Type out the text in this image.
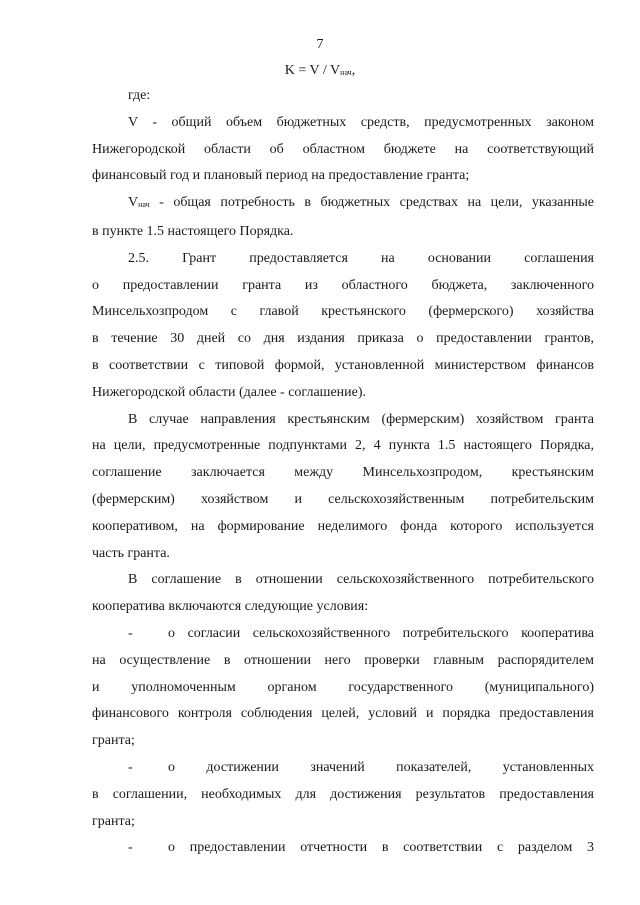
7
K = V / Vнач,
где:
V - общий объем бюджетных средств, предусмотренных законом
Нижегородской области об областном бюджете на соответствующий
финансовый год и плановый период на предоставление гранта;
Vнач - общая потребность в бюджетных средствах на цели, указанные
в пункте 1.5 настоящего Порядка.
2.5. Грант предоставляется на основании соглашения
о предоставлении гранта из областного бюджета, заключенного
Минсельхозпродом с главой крестьянского (фермерского) хозяйства
в течение 30 дней со дня издания приказа о предоставлении грантов,
в соответствии с типовой формой, установленной министерством финансов
Нижегородской области (далее - соглашение).
В случае направления крестьянским (фермерским) хозяйством гранта
на цели, предусмотренные подпунктами 2, 4 пункта 1.5 настоящего Порядка,
соглашение заключается между Минсельхозпродом, крестьянским
(фермерским) хозяйством и сельскохозяйственным потребительским
кооперативом, на формирование неделимого фонда которого используется
часть гранта.
В соглашение в отношении сельскохозяйственного потребительского
кооператива включаются следующие условия:
-	о согласии сельскохозяйственного потребительского кооператива
на осуществление в отношении него проверки главным распорядителем
и уполномоченным органом государственного (муниципального)
финансового контроля соблюдения целей, условий и порядка предоставления
гранта;
-	о достижении значений показателей, установленных
в соглашении, необходимых для достижения результатов предоставления
гранта;
-	о предоставлении отчетности в соответствии с разделом 3
